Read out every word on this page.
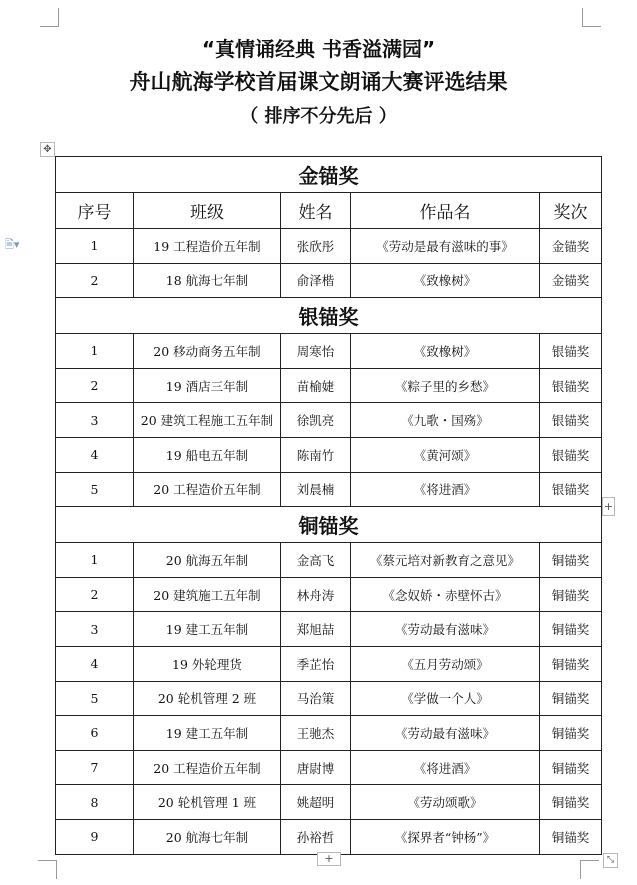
“真情诵经典 书香溢满园”
舟山航海学校首届课文朗诵大赛评选结果
（ 排序不分先后 ）
✥
🗎▾
金锚奖				
序号	班级	姓名	作品名	奖次
1	19 工程造价五年制	张欣彤	《劳动是最有滋味的事》	金锚奖
2	18 航海七年制	俞泽楷	《致橡树》	金锚奖
银锚奖				
1	20 移动商务五年制	周寒怡	《致橡树》	银锚奖
2	19 酒店三年制	苗榆婕	《粽子里的乡愁》	银锚奖
3	20 建筑工程施工五年制	徐凯亮	《九歌・国殇》	银锚奖
4	19 船电五年制	陈南竹	《黄河颂》	银锚奖
5	20 工程造价五年制	刘晨楠	《将进酒》	银锚奖
铜锚奖				
1	20 航海五年制	金高飞	《蔡元培对新教育之意见》	铜锚奖
2	20 建筑施工五年制	林舟涛	《念奴娇・赤壁怀古》	铜锚奖
3	19 建工五年制	郑旭喆	《劳动最有滋味》	铜锚奖
4	19 外轮理货	季芷怡	《五月劳动颂》	铜锚奖
5	20 轮机管理 2 班	马治策	《学做一个人》	铜锚奖
6	19 建工五年制	王驰杰	《劳动最有滋味》	铜锚奖
7	20 工程造价五年制	唐尉博	《将进酒》	铜锚奖
8	20 轮机管理 1 班	姚超明	《劳动颂歌》	铜锚奖
9	20 航海七年制	孙裕哲	《探界者“钟杨”》	铜锚奖
+
+	⤡
